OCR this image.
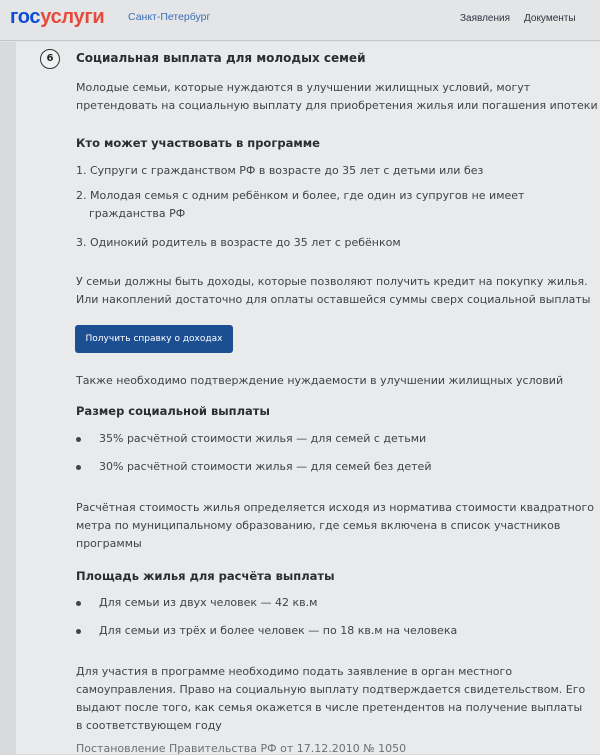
госуслуги Санкт-Петербург	Заявления Документы
6	Социальная выплата для молодых семей
Молодые семьи, которые нуждаются в улучшении жилищных условий, могут
претендовать на социальную выплату для приобретения жилья или погашения ипотеки
Кто может участвовать в программе
1. Супруги с гражданством РФ в возрасте до 35 лет с детьми или без
2. Молодая семья с одним ребёнком и более, где один из супругов не имеет
гражданства РФ
3. Одинокий родитель в возрасте до 35 лет с ребёнком
У семьи должны быть доходы, которые позволяют получить кредит на покупку жилья.
Или накоплений достаточно для оплаты оставшейся суммы сверх социальной выплаты
Получить справку о доходах
Также необходимо подтверждение нуждаемости в улучшении жилищных условий
Размер социальной выплаты
35% расчётной стоимости жилья — для семей с детьми
30% расчётной стоимости жилья — для семей без детей
Расчётная стоимость жилья определяется исходя из норматива стоимости квадратного
метра по муниципальному образованию, где семья включена в список участников
программы
Площадь жилья для расчёта выплаты
Для семьи из двух человек — 42 кв.м
Для семьи из трёх и более человек — по 18 кв.м на человека
Для участия в программе необходимо подать заявление в орган местного
самоуправления. Право на социальную выплату подтверждается свидетельством. Его
выдают после того, как семья окажется в числе претендентов на получение выплаты
в соответствующем году
Постановление Правительства РФ от 17.12.2010 № 1050
